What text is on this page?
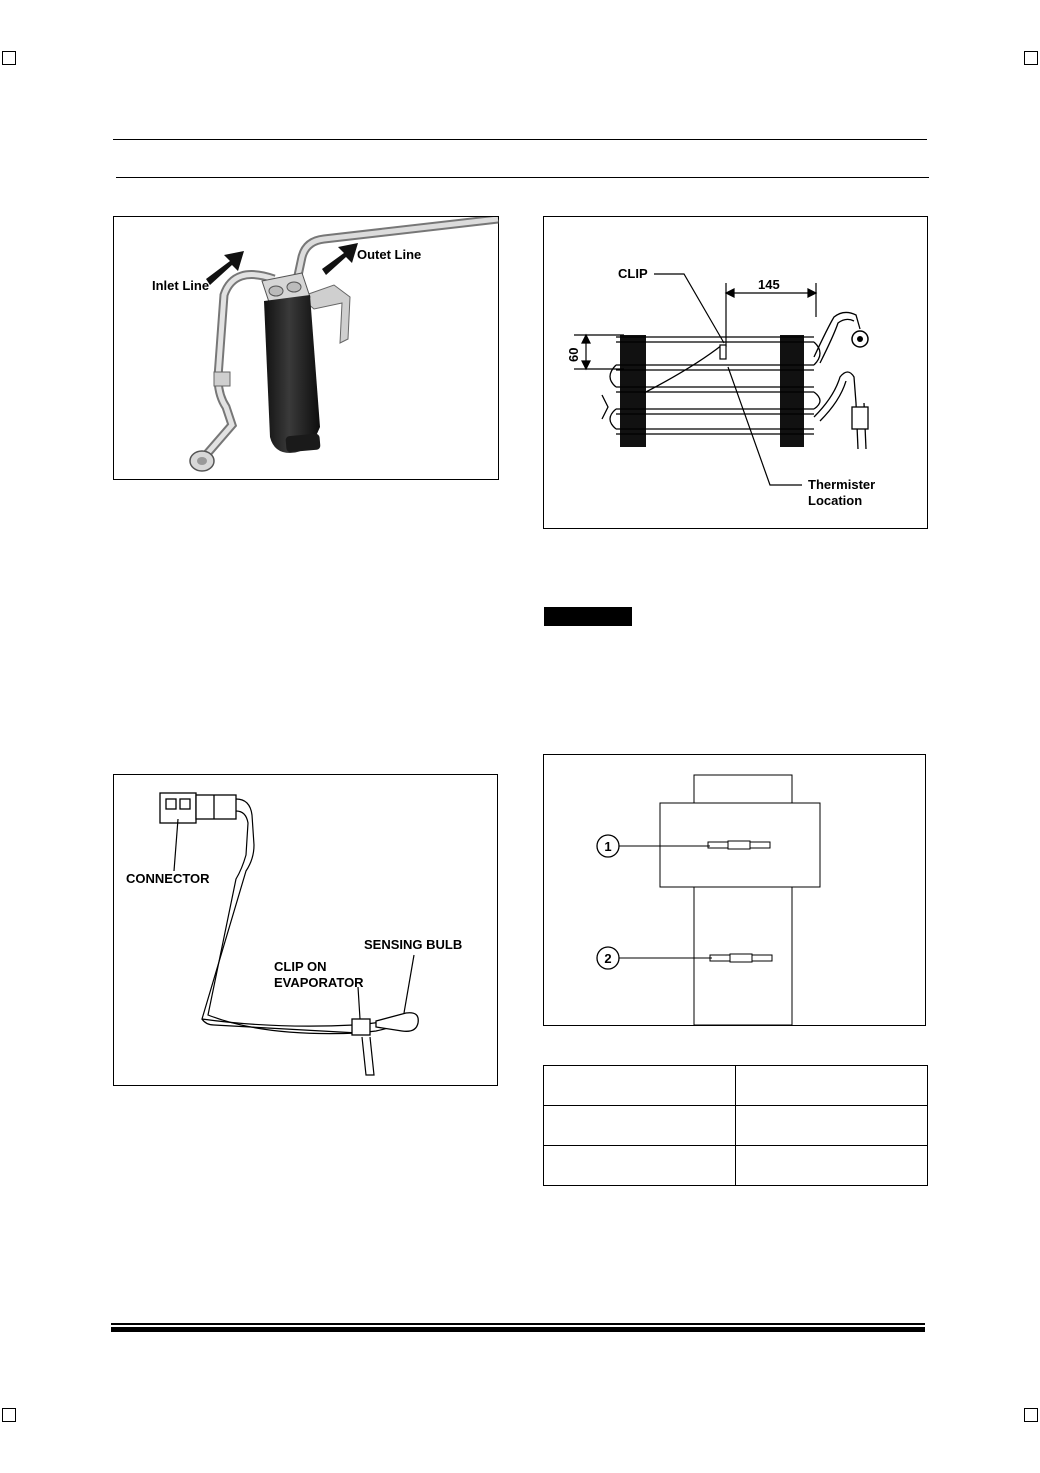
Inlet Line
Outet Line
60
145
CLIP
Thermister
Location
CONNECTOR
SENSING BULB
CLIP ON
EVAPORATOR
1
2
